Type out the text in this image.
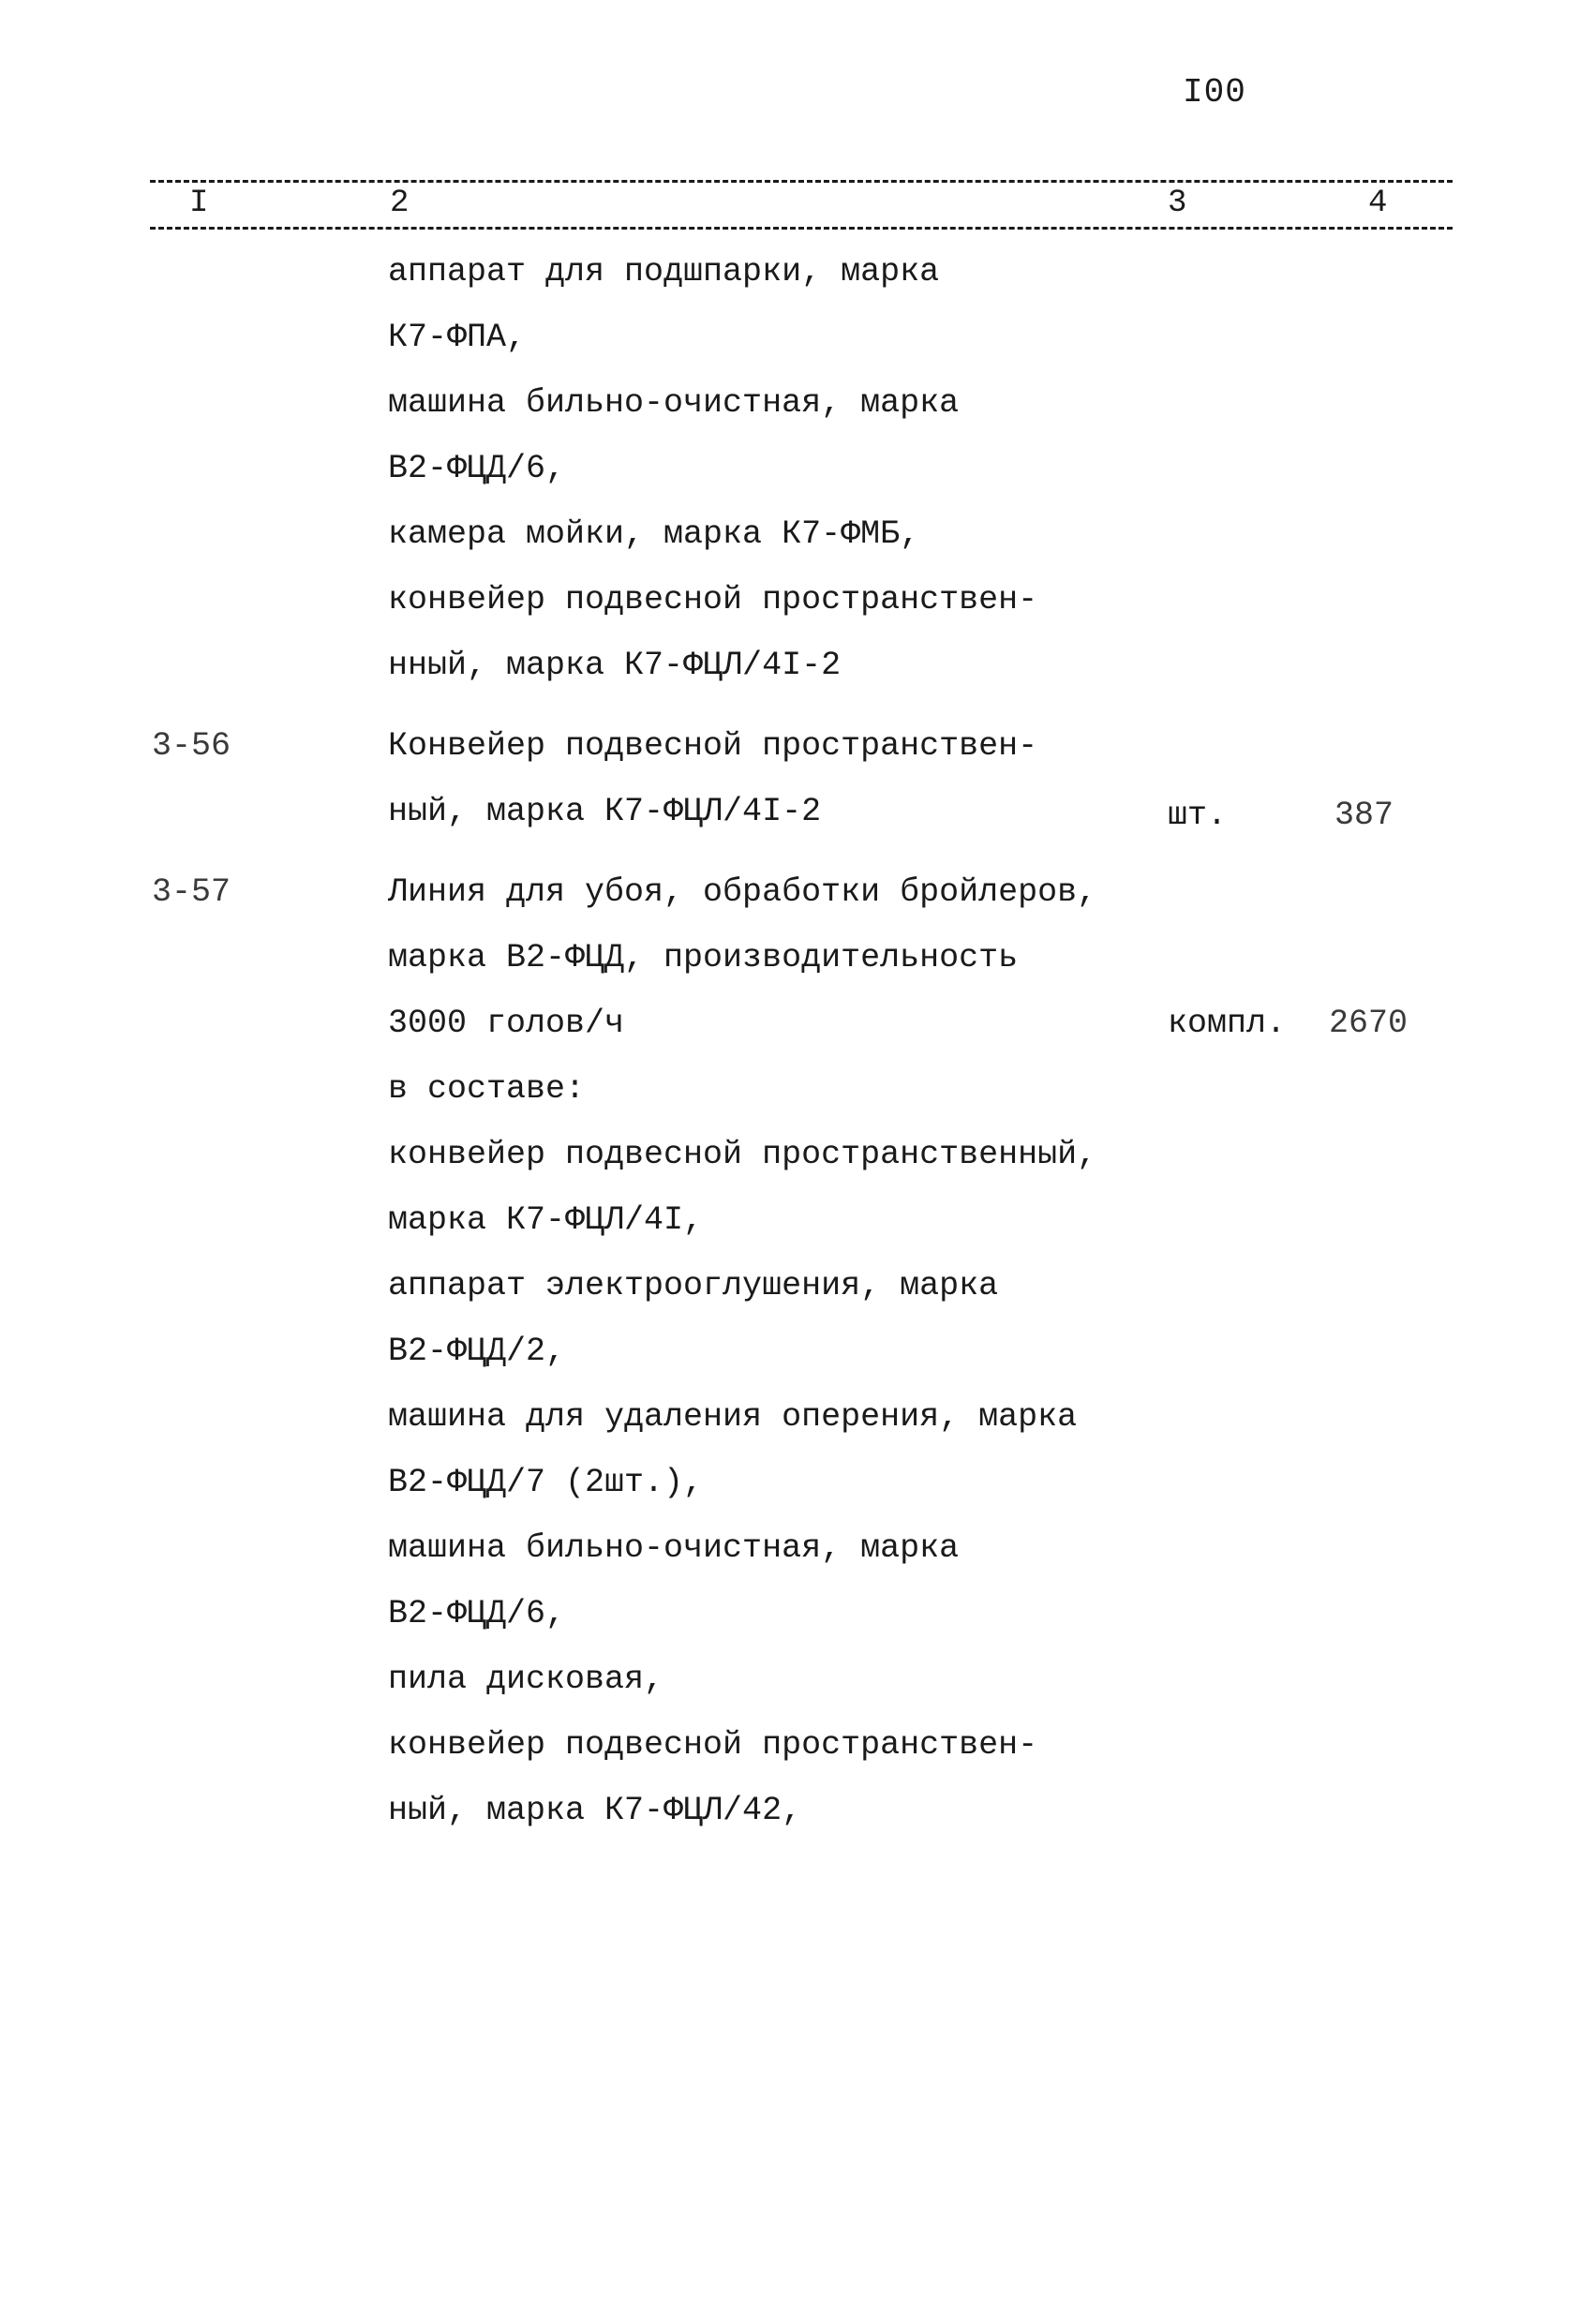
I00
I	2	3	4
аппарат для подшпарки, марка
К7-ФПА,
машина бильно-очистная, марка
В2-ФЦД/6,
камера мойки, марка К7-ФМБ,
конвейер подвесной пространствен-
нный, марка К7-ФЦЛ/4I-2
3-56	Конвейер подвесной пространствен-
ный, марка К7-ФЦЛ/4I-2	шт.	387
3-57	Линия для убоя, обработки бройлеров,
марка В2-ФЦД, производительность
3000 голов/ч	компл. 2670
в составе:
конвейер подвесной пространственный,
марка К7-ФЦЛ/4I,
аппарат электрооглушения, марка
В2-ФЦД/2,
машина для удаления оперения, марка
В2-ФЦД/7 (2шт.),
машина бильно-очистная, марка
В2-ФЦД/6,
пила дисковая,
конвейер подвесной пространствен-
ный, марка К7-ФЦЛ/42,
